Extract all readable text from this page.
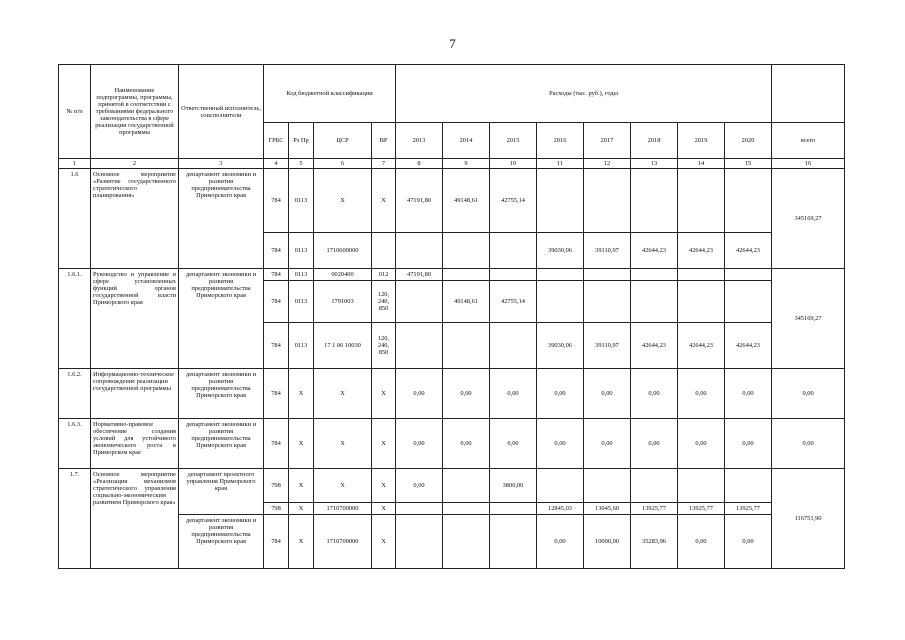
7
№ п/п	Наименование подпрограммы, программы, принятой в соответствии с требованиями федерального законодательства в сфере реализации государственной программы	Ответственный исполнитель, соисполнители	Код бюджетной классификации				Расходы (тыс. руб.), годы								
			ГРБС	Рз Пр	ЦСР	ВР	2013	2014	2015	2016	2017	2018	2019	2020	всего
1	2	3	4	5	6	7	8	9	10	11	12	13	14	15	16
1.6	Основное мероприятие «Развитие государственного стратегического планирования»	департамент экономики и развития предпринимательства Приморского края	784	0113	Х	Х	47191,80	49148,61	42755,14						345169,27
			784	0113	1710600000					39030,06	39110,97	42644,23	42644,23	42644,23	
1.6.1.	Руководство и управление в сфере установленных функций органов государственной власти Приморского края	департамент экономики и развития предпринимательства Приморского края	784	0113	0020400	012	47191,80								345169,27
			784	0113	1791003	120, 240, 850		49148,61	42755,14						
			784	0113	17 1 06 10030	120, 240, 850				39030,06	39110,97	42644,23	42644,23	42644,23	
1.6.2.	Информационно-техническое сопровождение реализации государственной программы	департамент экономики и развития предпринимательства Приморского края	784	Х	Х	Х	0,00	0,00	0,00	0,00	0,00	0,00	0,00	0,00	0,00
1.6.3.	Нормативно-правовое обеспечение создания условий для устойчивого экономического роста в Приморском крае	департамент экономики и развития предпринимательства Приморского края	784	Х	Х	Х	0,00	0,00	0,00	0,00	0,00	0,00	0,00	0,00	0,00
1.7.	Основное мероприятие «Реализация механизмов стратегического управления социально-экономическим развитием Приморского края»	департамент проектного управления Приморского края	798	Х	Х	Х	0,00		3800,00						116751,90
			798	Х	1710700000	Х				12845,03	13045,60	13925,77	13925,77	13925,77	
		департамент экономики и развития предпринимательства Приморского края	784	Х	1710700000	Х				0,00	10000,00	35283,96	0,00	0,00	
